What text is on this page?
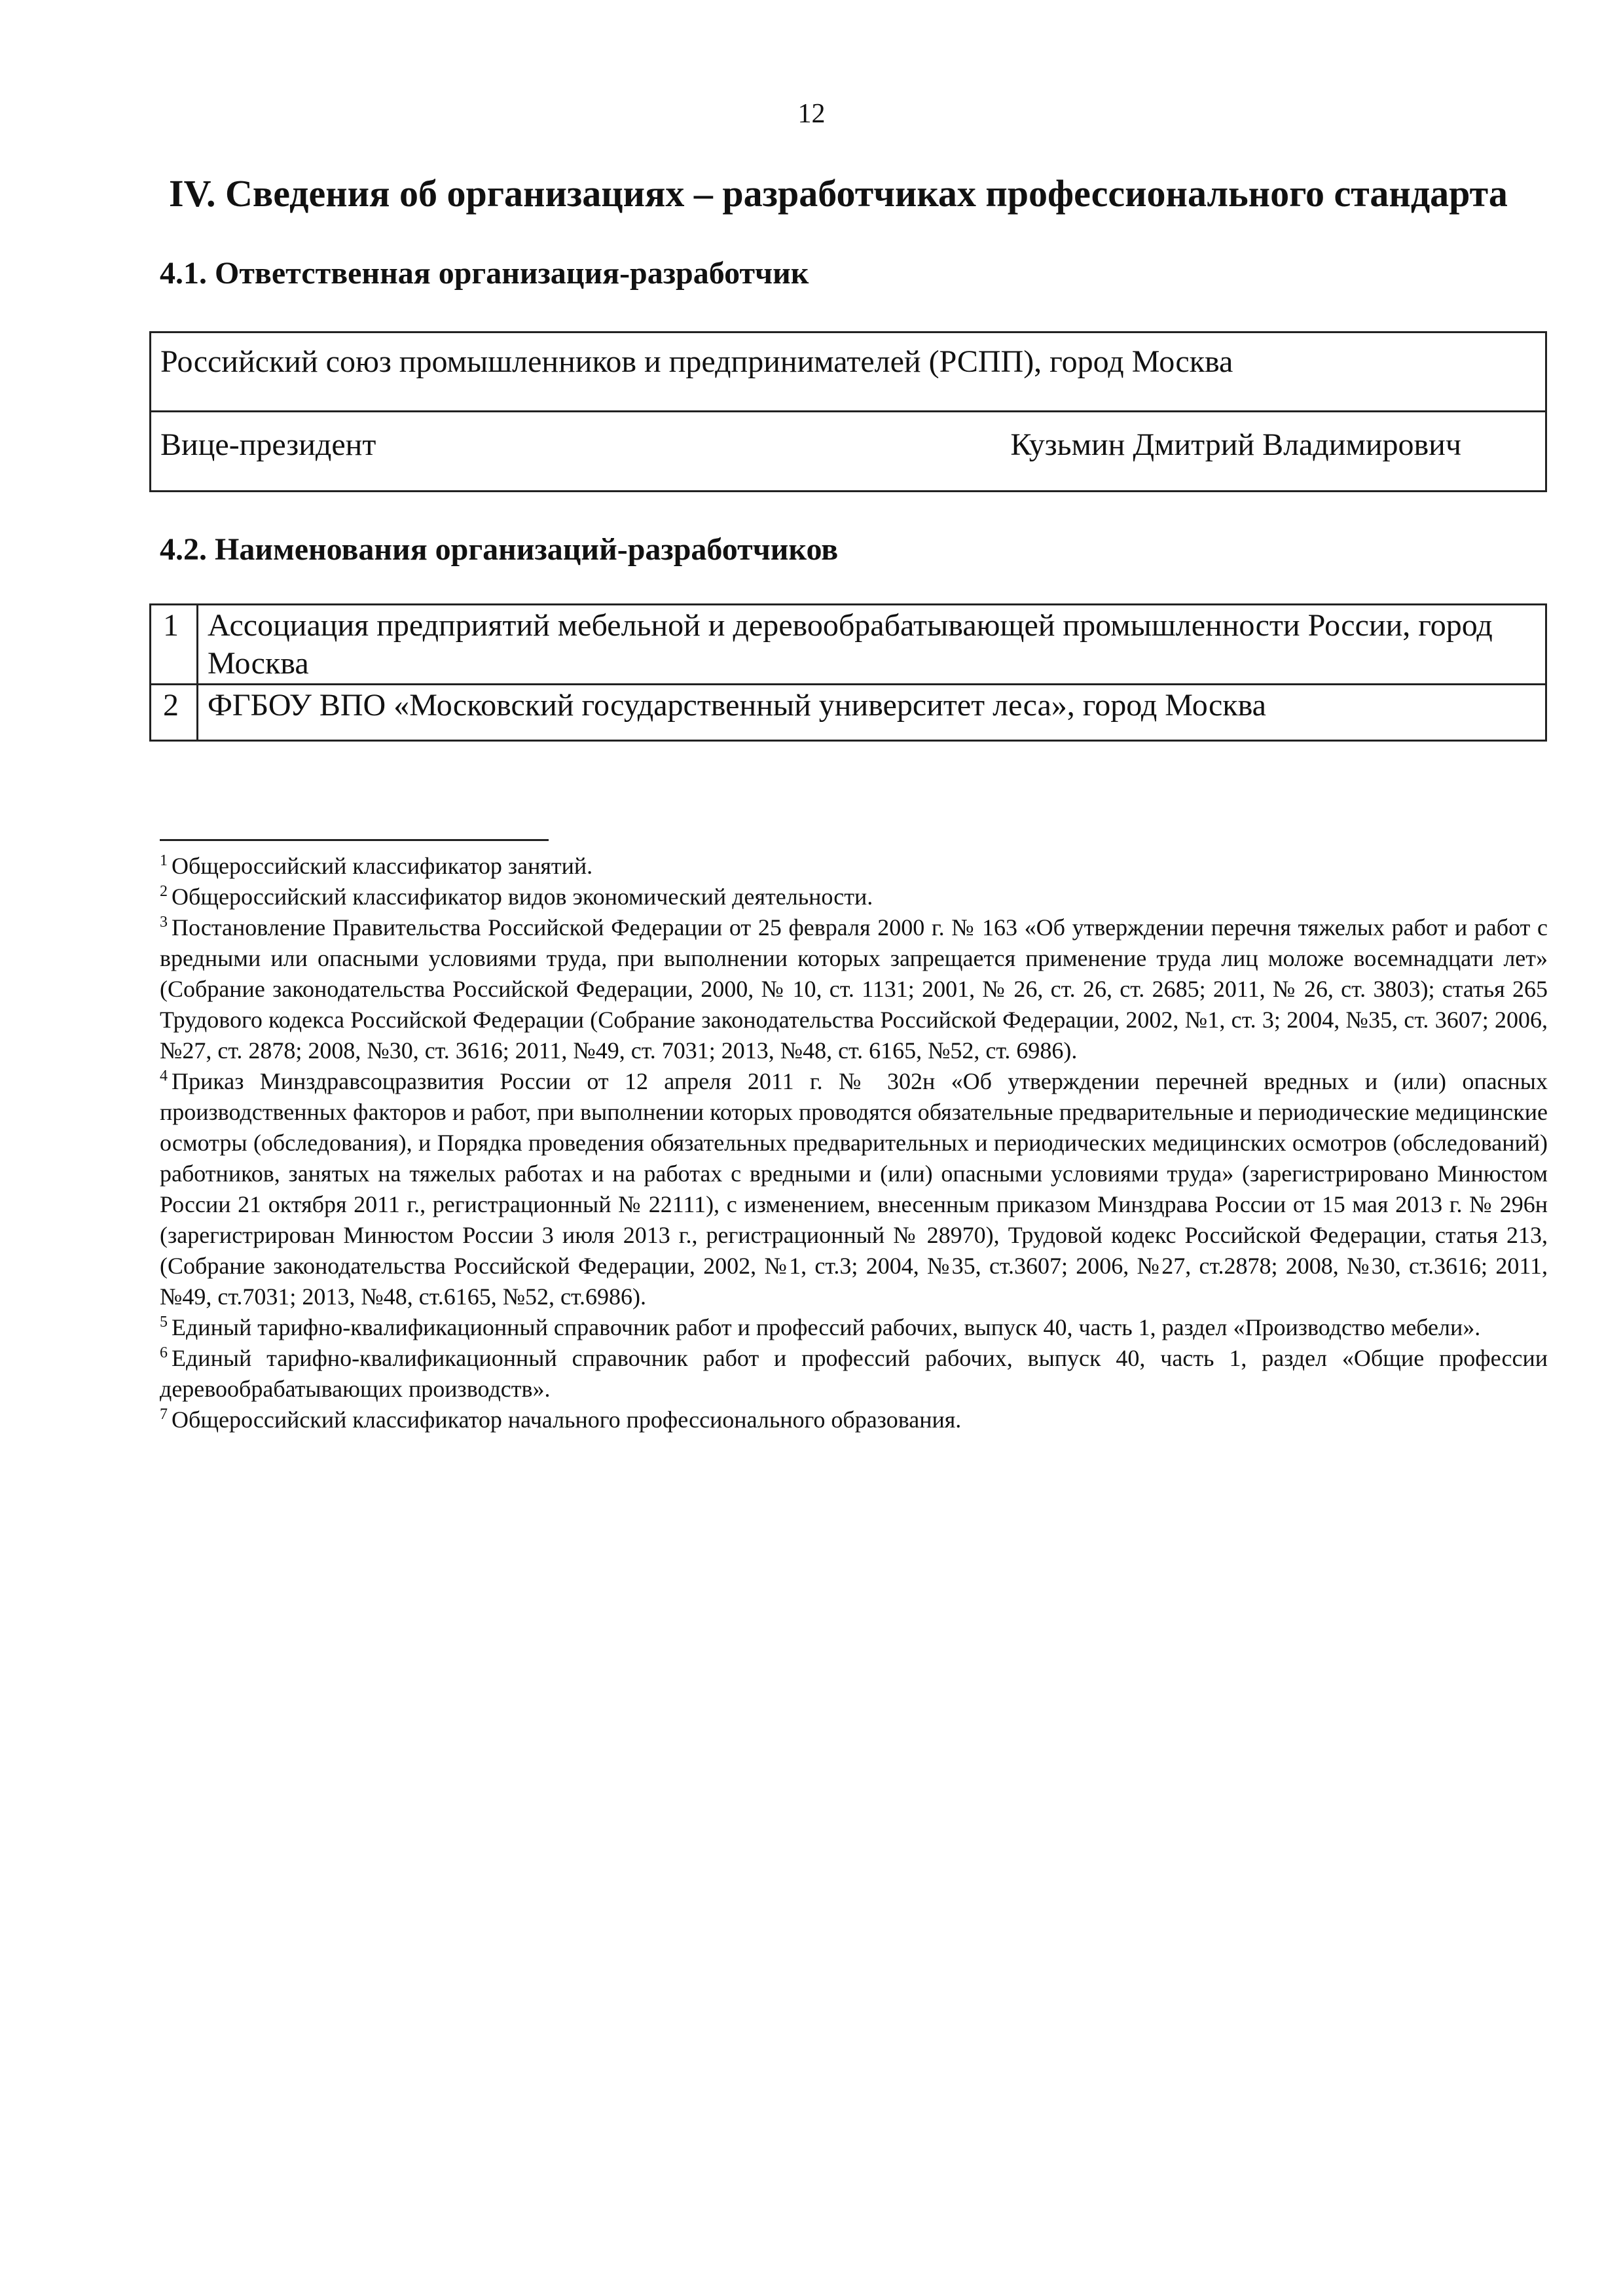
12
IV. Сведения об организациях – разработчиках профессионального стандарта
4.1. Ответственная организация-разработчик
Российский союз промышленников и предпринимателей (РСПП), город Москва
Вице-президент	Кузьмин Дмитрий Владимирович
4.2. Наименования организаций-разработчиков
1	Ассоциация предприятий мебельной и деревообрабатывающей промышленности России, город Москва
2	ФГБОУ ВПО «Московский государственный университет леса», город Москва

$^1$ Общероссийский классификатор занятий.

$^2$ Общероссийский классификатор видов экономический деятельности.

$^3$ Постановление Правительства Российской Федерации от 25 февраля 2000 г. № 163 «Об утверждении перечня тяжелых работ и работ с вредными или опасными условиями труда, при выполнении которых запрещается применение труда лиц моложе восемнадцати лет» (Собрание законодательства Российской Федерации, 2000, № 10, ст. 1131; 2001, № 26, ст. 26, ст. 2685; 2011, № 26, ст. 3803); статья 265 Трудового кодекса Российской Федерации (Собрание законодательства Российской Федерации, 2002, №1, ст. 3; 2004, №35, ст. 3607; 2006, №27, ст. 2878; 2008, №30, ст. 3616; 2011, №49, ст. 7031; 2013, №48, ст. 6165, №52, ст. 6986).

$^4$ Приказ Минздравсоцразвития России от 12 апреля 2011 г. № 302н «Об утверждении перечней вредных и (или) опасных производственных факторов и работ, при выполнении которых проводятся обязательные предварительные и периодические медицинские осмотры (обследования), и Порядка проведения обязательных предварительных и периодических медицинских осмотров (обследований) работников, занятых на тяжелых работах и на работах с вредными и (или) опасными условиями труда» (зарегистрировано Минюстом России 21 октября 2011 г., регистрационный № 22111), с изменением, внесенным приказом Минздрава России от 15 мая 2013 г. № 296н (зарегистрирован Минюстом России 3 июля 2013 г., регистрационный № 28970), Трудовой кодекс Российской Федерации, статья 213, (Собрание законодательства Российской Федерации, 2002, №1, ст.3; 2004, №35, ст.3607; 2006, №27, ст.2878; 2008, №30, ст.3616; 2011, №49, ст.7031; 2013, №48, ст.6165, №52, ст.6986).

$^5$ Единый тарифно-квалификационный справочник работ и профессий рабочих, выпуск 40, часть 1, раздел «Производство мебели».

$^6$ Единый тарифно-квалификационный справочник работ и профессий рабочих, выпуск 40, часть 1, раздел «Общие профессии деревообрабатывающих производств».

$^7$ Общероссийский классификатор начального профессионального образования.
